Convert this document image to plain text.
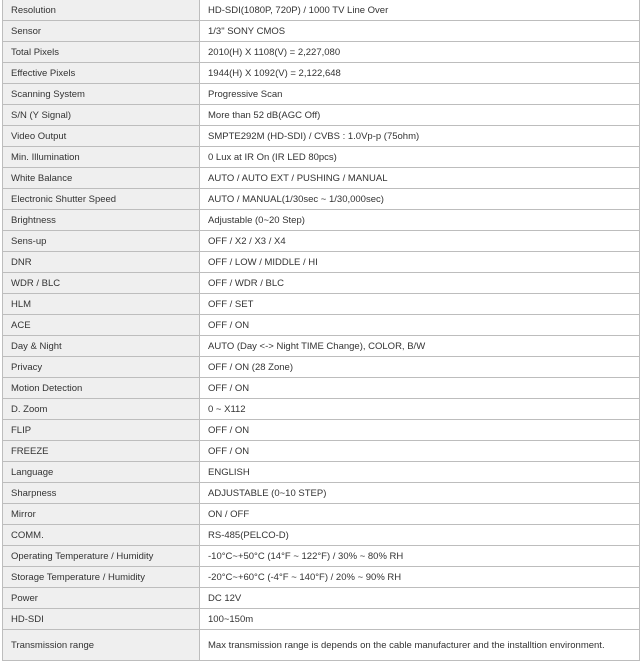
Resolution	HD-SDI(1080P, 720P) / 1000 TV Line Over
Sensor	1/3" SONY CMOS
Total Pixels	2010(H) X 1108(V) = 2,227,080
Effective Pixels	1944(H) X 1092(V) = 2,122,648
Scanning System	Progressive Scan
S/N (Y Signal)	More than 52 dB(AGC Off)
Video Output	SMPTE292M (HD-SDI) / CVBS : 1.0Vp-p (75ohm)
Min. Illumination	0 Lux at IR On (IR LED 80pcs)
White Balance	AUTO / AUTO EXT / PUSHING / MANUAL
Electronic Shutter Speed	AUTO / MANUAL(1/30sec ~ 1/30,000sec)
Brightness	Adjustable (0~20 Step)
Sens-up	OFF / X2 / X3 / X4
DNR	OFF / LOW / MIDDLE / HI
WDR / BLC	OFF / WDR / BLC
HLM	OFF / SET
ACE	OFF / ON
Day & Night	AUTO (Day <-> Night TIME Change), COLOR, B/W
Privacy	OFF / ON (28 Zone)
Motion Detection	OFF / ON
D. Zoom	0 ~ X112
FLIP	OFF / ON
FREEZE	OFF / ON
Language	ENGLISH
Sharpness	ADJUSTABLE (0~10 STEP)
Mirror	ON / OFF
COMM.	RS-485(PELCO-D)
Operating Temperature / Humidity	-10°C~+50°C (14°F ~ 122°F) / 30% ~ 80% RH
Storage Temperature / Humidity	-20°C~+60°C (-4°F ~ 140°F) / 20% ~ 90% RH
Power	DC 12V
HD-SDI	100~150m
Transmission range	Max transmission range is depends on the cable manufacturer and the installtion environment.
